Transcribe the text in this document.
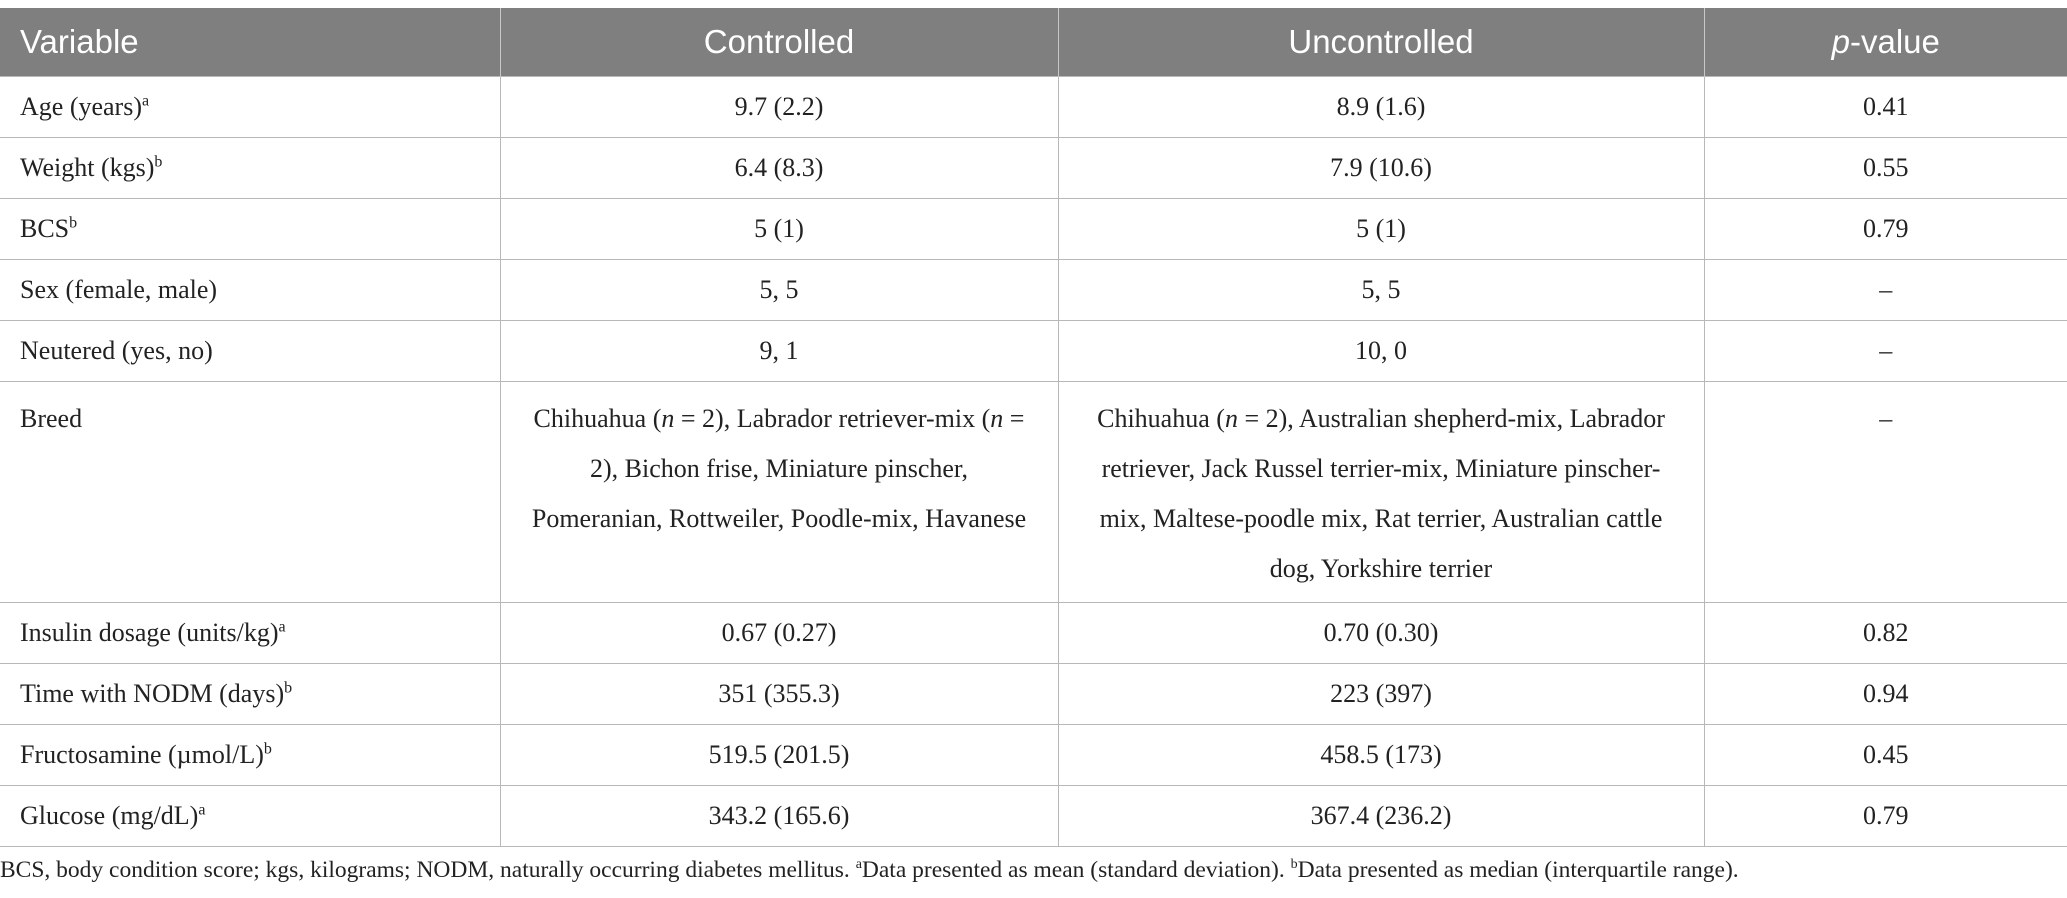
Variable	Controlled	Uncontrolled	p-value
Age (years)$^a$	9.7 (2.2)	8.9 (1.6)	0.41
Weight (kgs)$^b$	6.4 (8.3)	7.9 (10.6)	0.55
BCS$^b$	5 (1)	5 (1)	0.79
Sex (female, male)	5, 5	5, 5	–
Neutered (yes, no)	9, 1	10, 0	–
Breed	Chihuahua (n = 2), Labrador retriever-mix (n = 2), Bichon frise, Miniature pinscher, Pomeranian, Rottweiler, Poodle-mix, Havanese	Chihuahua (n = 2), Australian shepherd-mix, Labrador retriever, Jack Russel terrier-mix, Miniature pinscher-mix, Maltese-poodle mix, Rat terrier, Australian cattle dog, Yorkshire terrier	–
Insulin dosage (units/kg)$^a$	0.67 (0.27)	0.70 (0.30)	0.82
Time with NODM (days)$^b$	351 (355.3)	223 (397)	0.94
Fructosamine $(\mu mol/L)^b$	519.5 (201.5)	458.5 (173)	0.45
Glucose $(mg/dL)^a$	343.2 (165.6)	367.4 (236.2)	0.79
BCS, body condition score; kgs, kilograms; NODM, naturally occurring diabetes mellitus. $^a$Data presented as mean (standard deviation). $^b$Data presented as median (interquartile range).
